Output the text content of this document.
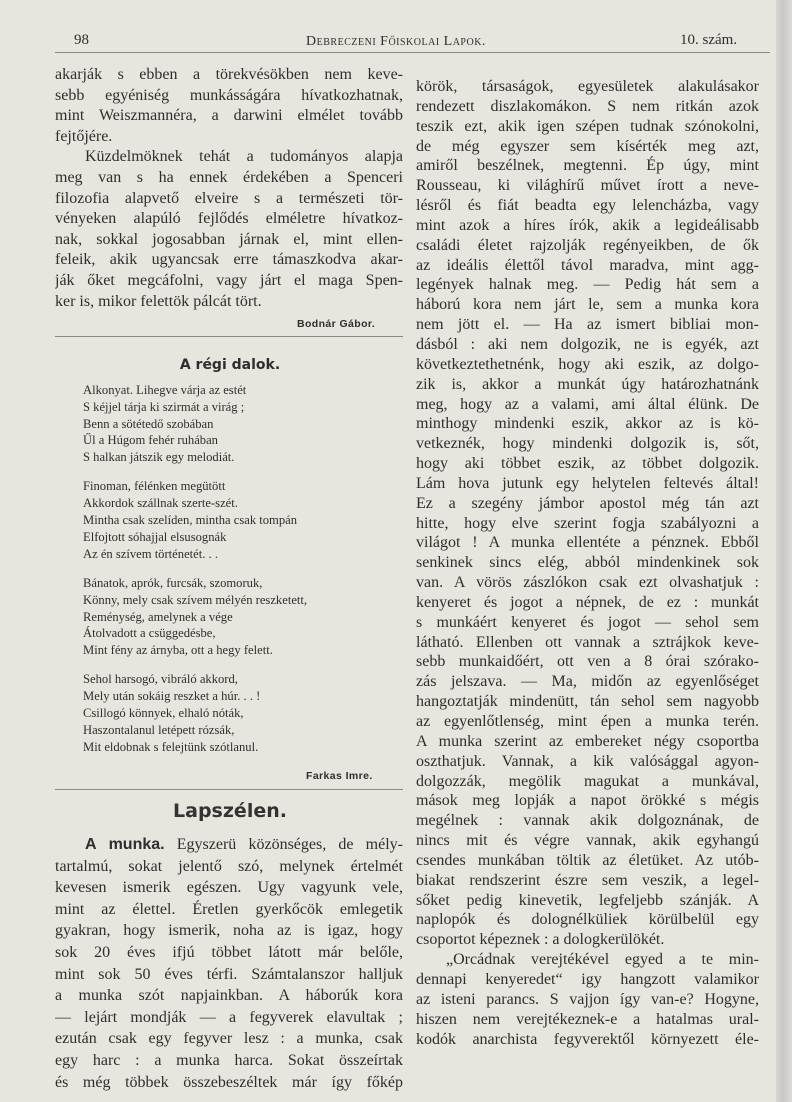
98	Debreczeni Főiskolai Lapok.	10. szám.
akarják s ebben a törekvésökben nem keve-
sebb egyéniség munkásságára hívatkozhatnak,
mint Weiszmannéra, a darwini elmélet tovább
fejtőjére.
Küzdelmöknek tehát a tudományos alapja
meg van s ha ennek érdekében a Spenceri
filozofia alapvető elveire s a természeti tör-
vényeken alapúló fejlődés elméletre hívatkoz-
nak, sokkal jogosabban járnak el, mint ellen-
feleik, akik ugyancsak erre támaszkodva akar-
ják őket megcáfolni, vagy járt el maga Spen-
ker is, mikor felettök pálcát tört.
Bodnár Gábor.
A régi dalok.
Alkonyat. Lihegve várja az estét
S kéjjel tárja ki szirmát a virág ;
Benn a sötétedő szobában
Űl a Húgom fehér ruhában
S halkan játszik egy melodiát.
Finoman, félénken megütött
Akkordok szállnak szerte-szét.
Mintha csak szelíden, mintha csak tompán
Elfojtott sóhajjal elsusognák
Az én szívem történetét. . .
Bánatok, aprók, furcsák, szomoruk,
Könny, mely csak szívem mélyén reszketett,
Reménység, amelynek a vége
Átolvadott a csüggedésbe,
Mint fény az árnyba, ott a hegy felett.
Sehol harsogó, vibráló akkord,
Mely után sokáig reszket a húr. . . !
Csillogó könnyek, elhaló nóták,
Haszontalanul letépett rózsák,
Mit eldobnak s felejtünk szótlanul.
Farkas Imre.
Lapszélen.
A munka. Egyszerü közönséges, de mély-
tartalmú, sokat jelentő szó, melynek értelmét
kevesen ismerik egészen. Ugy vagyunk vele,
mint az élettel. Éretlen gyerkőcök emlegetik
gyakran, hogy ismerik, noha az is igaz, hogy
sok 20 éves ifjú többet látott már belőle,
mint sok 50 éves térfi. Számtalanszor halljuk
a munka szót napjainkban. A háborúk kora
— lejárt mondják — a fegyverek elavultak ;
ezután csak egy fegyver lesz : a munka, csak
egy harc : a munka harca. Sokat összeírtak
és még többek összebeszéltek már így főkép
körök, társaságok, egyesületek alakulásakor
rendezett diszlakomákon. S nem ritkán azok
teszik ezt, akik igen szépen tudnak szónokolni,
de még egyszer sem kísérték meg azt,
amiről beszélnek, megtenni. Ép úgy, mint
Rousseau, ki világhírű művet írott a neve-
lésről és fiát beadta egy lelencházba, vagy
mint azok a híres írók, akik a legideálisabb
családi életet rajzolják regényeikben, de ők
az ideális élettől távol maradva, mint agg-
legények halnak meg. — Pedig hát sem a
háború kora nem járt le, sem a munka kora
nem jött el. — Ha az ismert bibliai mon-
dásból : aki nem dolgozik, ne is egyék, azt
következtethetnénk, hogy aki eszik, az dolgo-
zik is, akkor a munkát úgy határozhatnánk
meg, hogy az a valami, ami által élünk. De
minthogy mindenki eszik, akkor az is kö-
vetkeznék, hogy mindenki dolgozik is, sőt,
hogy aki többet eszik, az többet dolgozik.
Lám hova jutunk egy helytelen feltevés által!
Ez a szegény jámbor apostol még tán azt
hitte, hogy elve szerint fogja szabályozni a
világot ! A munka ellentéte a pénznek. Ebből
senkinek sincs elég, abból mindenkinek sok
van. A vörös zászlókon csak ezt olvashatjuk :
kenyeret és jogot a népnek, de ez : munkát
s munkáért kenyeret és jogot — sehol sem
látható. Ellenben ott vannak a sztrájkok keve-
sebb munkaidőért, ott ven a 8 órai szórako-
zás jelszava. — Ma, midőn az egyenlőséget
hangoztatják mindenütt, tán sehol sem nagyobb
az egyenlőtlenség, mint épen a munka terén.
A munka szerint az embereket négy csoportba
oszthatjuk. Vannak, a kik valósággal agyon-
dolgozzák, megölik magukat a munkával,
mások meg lopják a napot örökké s mégis
megélnek : vannak akik dolgoznának, de
nincs mit és végre vannak, akik egyhangú
csendes munkában töltik az életüket. Az utób-
biakat rendszerint észre sem veszik, a legel-
sőket pedig kinevetik, legfeljebb szánják. A
naplopók és dolognélküliek körülbelül egy
csoportot képeznek : a dologkerülökét.
„Orcádnak verejtékével egyed a te min-
dennapi kenyeredet“ igy hangzott valamikor
az isteni parancs. S vajjon így van-e? Hogyne,
hiszen nem verejtékeznek-e a hatalmas ural-
kodók anarchista fegyverektől környezett éle-
